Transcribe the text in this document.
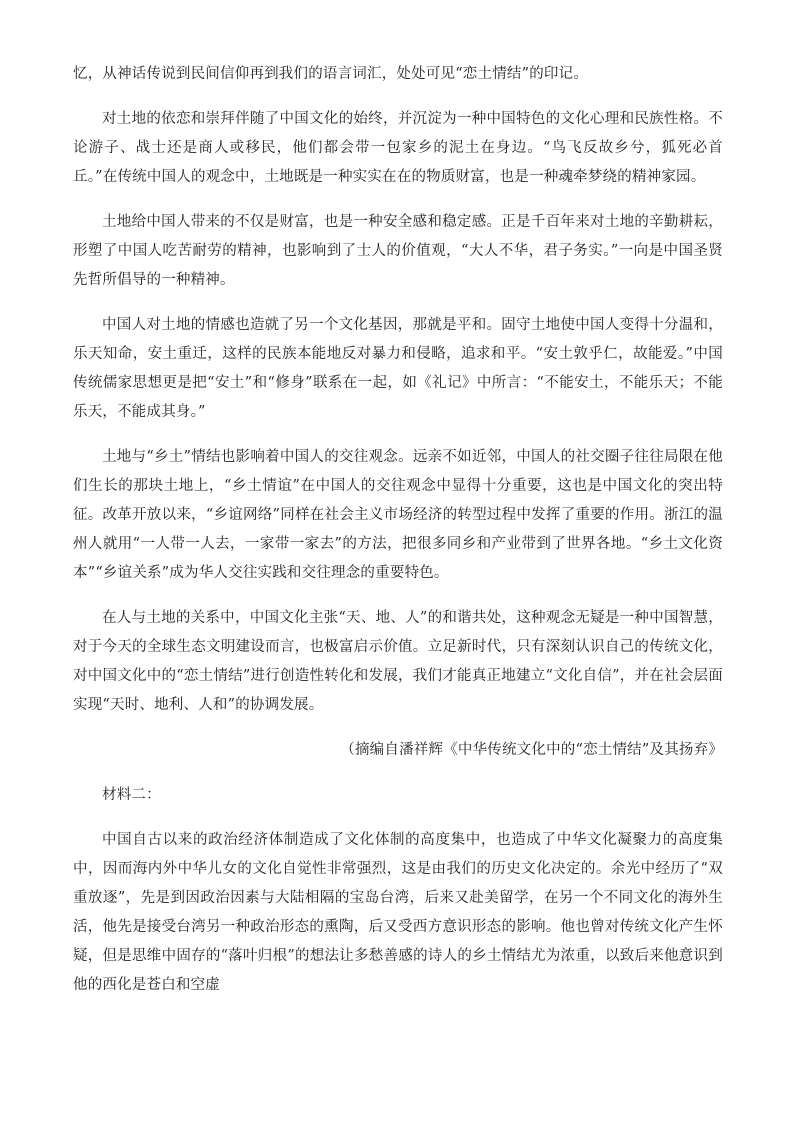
忆，从神话传说到民间信仰再到我们的语言词汇，处处可见“恋土情结”的印记。

对土地的依恋和崇拜伴随了中国文化的始终，并沉淀为一种中国特色的文化心理和民族性格。不论游子、战士还是商人或移民，他们都会带一包家乡的泥土在身边。“鸟飞反故乡兮，狐死必首丘。”在传统中国人的观念中，土地既是一种实实在在的物质财富，也是一种魂牵梦绕的精神家园。

土地给中国人带来的不仅是财富，也是一种安全感和稳定感。正是千百年来对土地的辛勤耕耘，形塑了中国人吃苦耐劳的精神，也影响到了士人的价值观，“大人不华，君子务实。”一向是中国圣贤先哲所倡导的一种精神。

中国人对土地的情感也造就了另一个文化基因，那就是平和。固守土地使中国人变得十分温和，乐天知命，安土重迁，这样的民族本能地反对暴力和侵略，追求和平。“安土敦乎仁，故能爱。”中国传统儒家思想更是把“安土”和“修身”联系在一起，如《礼记》中所言：“不能安土，不能乐天；不能乐天，不能成其身。”

土地与“乡土”情结也影响着中国人的交往观念。远亲不如近邻，中国人的社交圈子往往局限在他们生长的那块土地上，“乡土情谊”在中国人的交往观念中显得十分重要，这也是中国文化的突出特征。改革开放以来，“乡谊网络”同样在社会主义市场经济的转型过程中发挥了重要的作用。浙江的温州人就用“一人带一人去，一家带一家去”的方法，把很多同乡和产业带到了世界各地。“乡土文化资本”“乡谊关系”成为华人交往实践和交往理念的重要特色。

在人与土地的关系中，中国文化主张“天、地、人”的和谐共处，这种观念无疑是一种中国智慧，对于今天的全球生态文明建设而言，也极富启示价值。立足新时代，只有深刻认识自己的传统文化，对中国文化中的“恋土情结”进行创造性转化和发展，我们才能真正地建立“文化自信”，并在社会层面实现“天时、地利、人和”的协调发展。

（摘编自潘祥辉《中华传统文化中的“恋土情结”及其扬弃》

材料二：

中国自古以来的政治经济体制造成了文化体制的高度集中，也造成了中华文化凝聚力的高度集中，因而海内外中华儿女的文化自觉性非常强烈，这是由我们的历史文化决定的。余光中经历了“双重放逐”，先是到因政治因素与大陆相隔的宝岛台湾，后来又赴美留学，在另一个不同文化的海外生活，他先是接受台湾另一种政治形态的熏陶，后又受西方意识形态的影响。他也曾对传统文化产生怀疑，但是思维中固存的“落叶归根”的想法让多愁善感的诗人的乡土情结尤为浓重，以致后来他意识到他的西化是苍白和空虚
